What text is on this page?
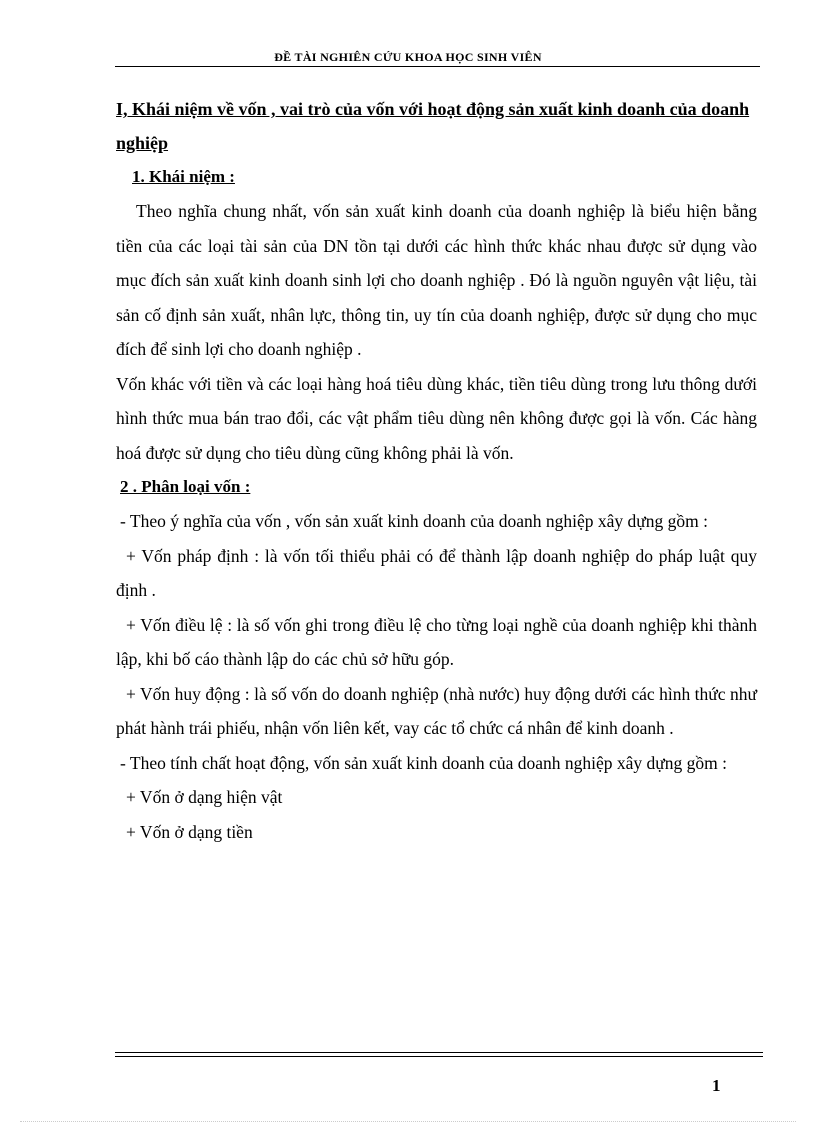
ĐỀ TÀI NGHIÊN CỨU KHOA HỌC SINH VIÊN

I, Khái niệm về vốn , vai trò của vốn với hoạt động sản xuất kinh doanh của doanh nghiệp

1. Khái niệm :

Theo nghĩa chung nhất, vốn sản xuất kinh doanh của doanh nghiệp là biểu hiện bằng tiền của các loại tài sản của DN tồn tại dưới các hình thức khác nhau được sử dụng vào mục đích sản xuất kinh doanh sinh lợi cho doanh nghiệp . Đó là nguồn nguyên vật liệu, tài sản cố định sản xuất, nhân lực, thông tin, uy tín của doanh nghiệp, được sử dụng cho mục đích để sinh lợi cho doanh nghiệp .

Vốn khác với tiền và các loại hàng hoá tiêu dùng khác, tiền tiêu dùng trong lưu thông dưới hình thức mua bán trao đổi, các vật phẩm tiêu dùng nên không được gọi là vốn. Các hàng hoá được sử dụng cho tiêu dùng cũng không phải là vốn.

2 . Phân loại vốn :

- Theo ý nghĩa của vốn , vốn sản xuất kinh doanh của doanh nghiệp xây dựng gồm :

+ Vốn pháp định : là vốn tối thiểu phải có để thành lập doanh nghiệp do pháp luật quy định .

+ Vốn điều lệ : là số vốn ghi trong điều lệ cho từng loại nghề của doanh nghiệp khi thành lập, khi bố cáo thành lập do các chủ sở hữu góp.

+ Vốn huy động : là số vốn do doanh nghiệp (nhà nước) huy động dưới các hình thức như phát hành trái phiếu, nhận vốn liên kết, vay các tổ chức cá nhân để kinh doanh .

- Theo tính chất hoạt động, vốn sản xuất kinh doanh của doanh nghiệp xây dựng gồm :

+ Vốn ở dạng hiện vật

+ Vốn ở dạng tiền

1
